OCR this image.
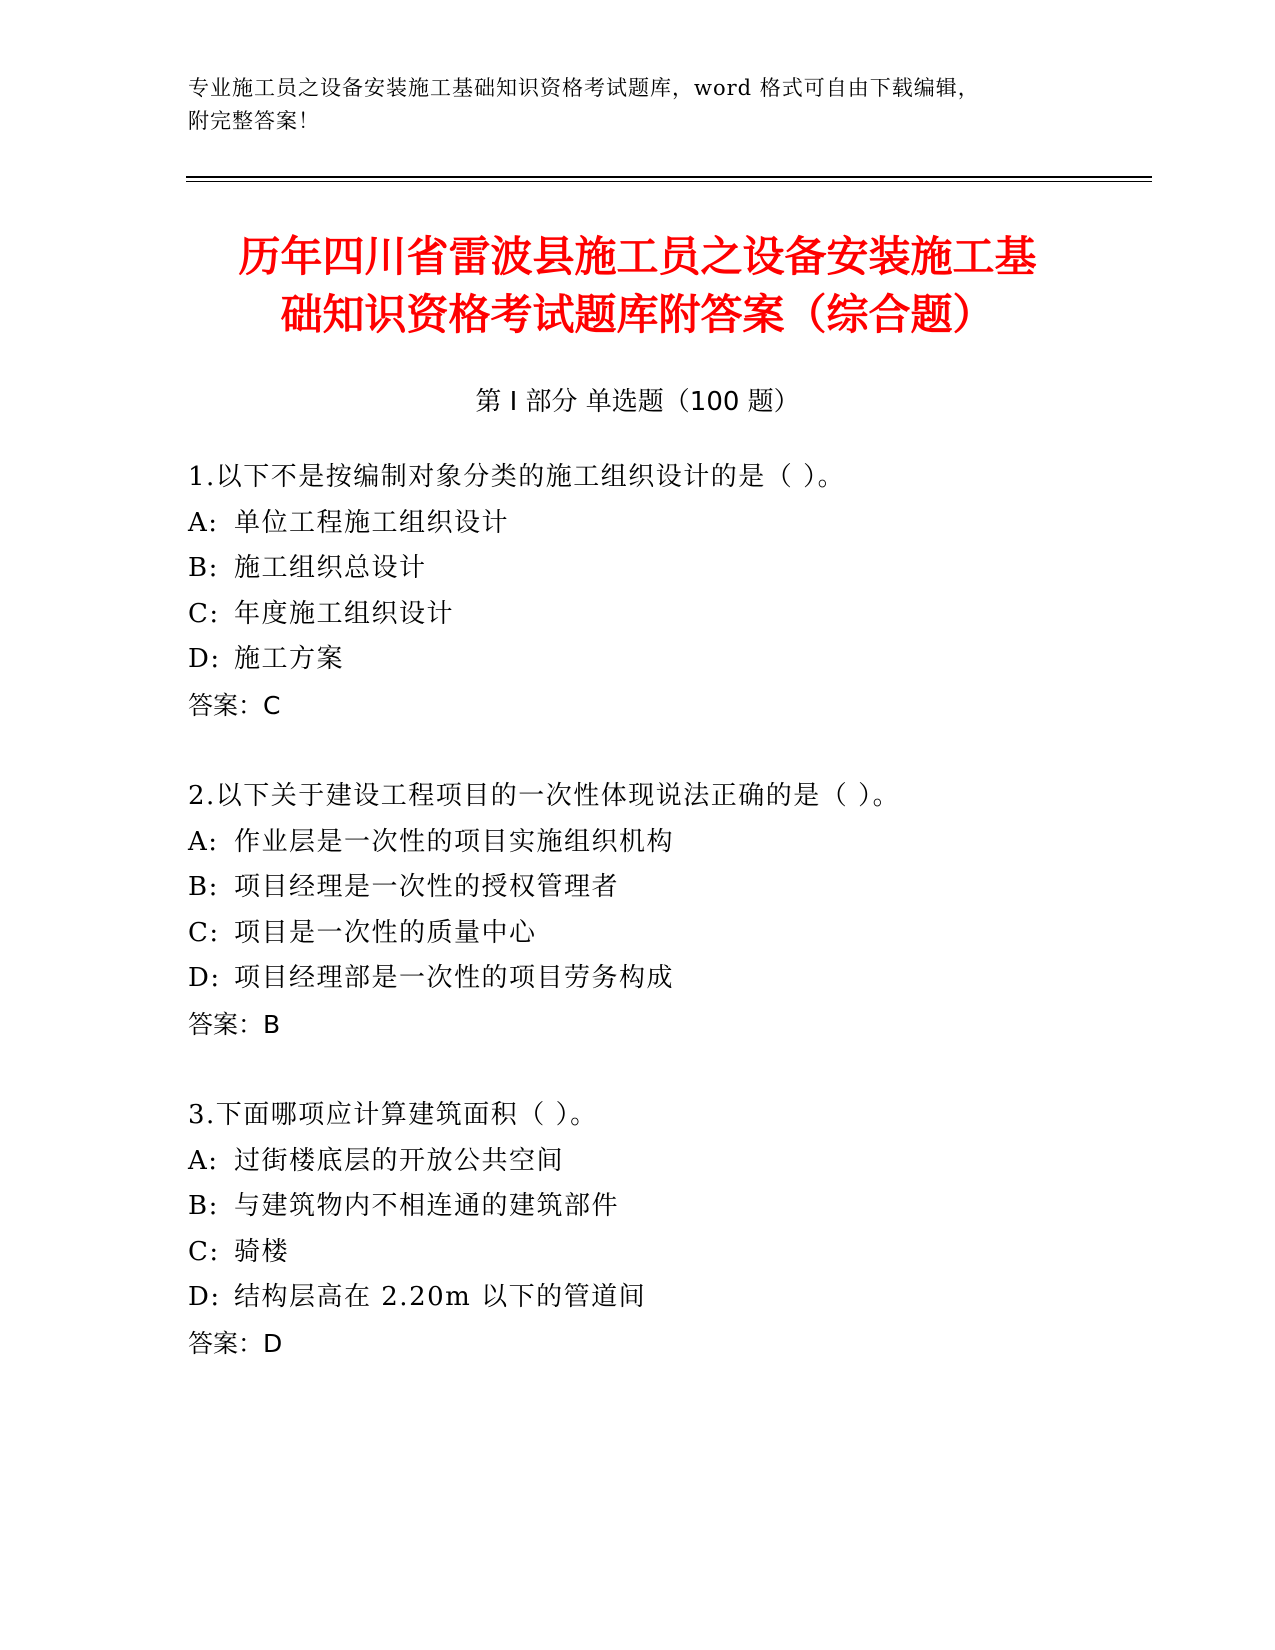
专业施工员之设备安装施工基础知识资格考试题库，word 格式可自由下载编辑，
附完整答案！
历年四川省雷波县施工员之设备安装施工基
础知识资格考试题库附答案（综合题）
第 I 部分 单选题（100 题）
1.以下不是按编制对象分类的施工组织设计的是（ ）。
A: 单位工程施工组织设计
B: 施工组织总设计
C: 年度施工组织设计
D: 施工方案
答案：C
2.以下关于建设工程项目的一次性体现说法正确的是（ ）。
A: 作业层是一次性的项目实施组织机构
B: 项目经理是一次性的授权管理者
C: 项目是一次性的质量中心
D: 项目经理部是一次性的项目劳务构成
答案：B
3.下面哪项应计算建筑面积（ ）。
A: 过街楼底层的开放公共空间
B: 与建筑物内不相连通的建筑部件
C: 骑楼
D: 结构层高在 2.20m 以下的管道间
答案：D
